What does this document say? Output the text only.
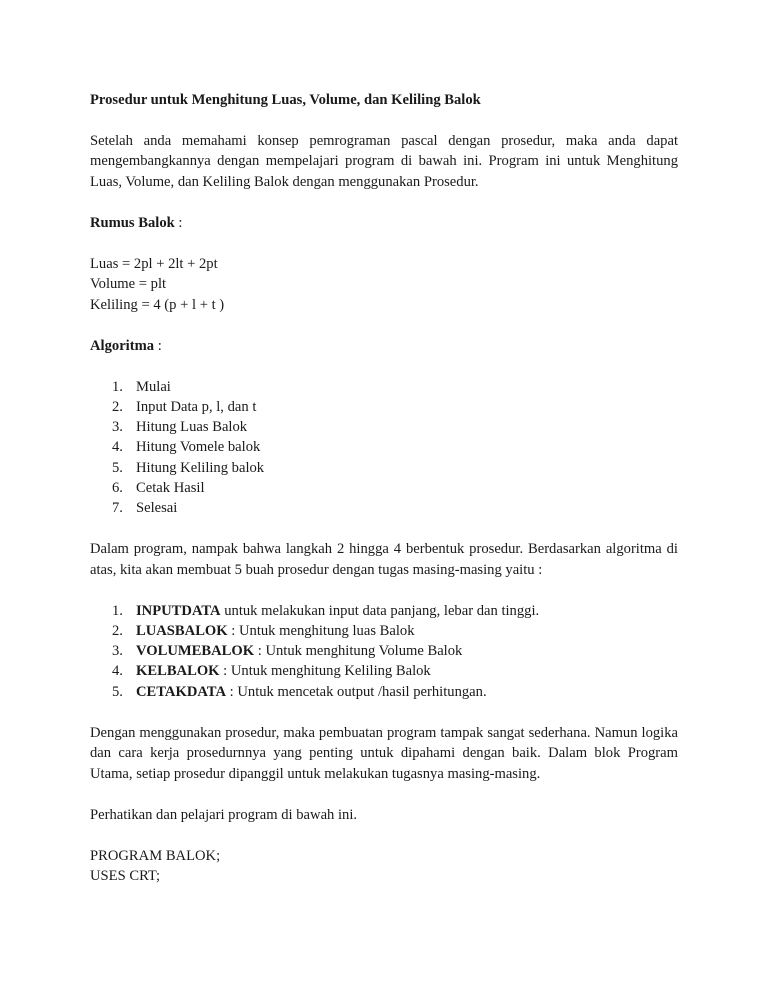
Prosedur untuk Menghitung Luas, Volume, dan Keliling Balok

Setelah anda memahami konsep pemrograman pascal dengan prosedur, maka anda dapat mengembangkannya dengan mempelajari program di bawah ini. Program ini untuk Menghitung Luas, Volume, dan Keliling Balok dengan menggunakan Prosedur.

Rumus Balok :

Luas = 2pl + 2lt + 2pt

Volume = plt

Keliling = 4 (p + l + t )

Algoritma :

1. Mulai
2. Input Data p, l, dan t
3. Hitung Luas Balok
4. Hitung Vomele balok
5. Hitung Keliling balok
6. Cetak Hasil
7. Selesai

Dalam program, nampak bahwa langkah 2 hingga 4 berbentuk prosedur. Berdasarkan algoritma di atas, kita akan membuat 5 buah prosedur dengan tugas masing-masing yaitu :

1. INPUTDATA untuk melakukan input data panjang, lebar dan tinggi.
2. LUASBALOK : Untuk menghitung luas Balok
3. VOLUMEBALOK : Untuk menghitung Volume Balok
4. KELBALOK : Untuk menghitung Keliling Balok
5. CETAKDATA : Untuk mencetak output /hasil perhitungan.

Dengan menggunakan prosedur, maka pembuatan program tampak sangat sederhana. Namun logika dan cara kerja prosedurnnya yang penting untuk dipahami dengan baik. Dalam blok Program Utama, setiap prosedur dipanggil untuk melakukan tugasnya masing-masing.

Perhatikan dan pelajari program di bawah ini.

PROGRAM BALOK;

USES CRT;
